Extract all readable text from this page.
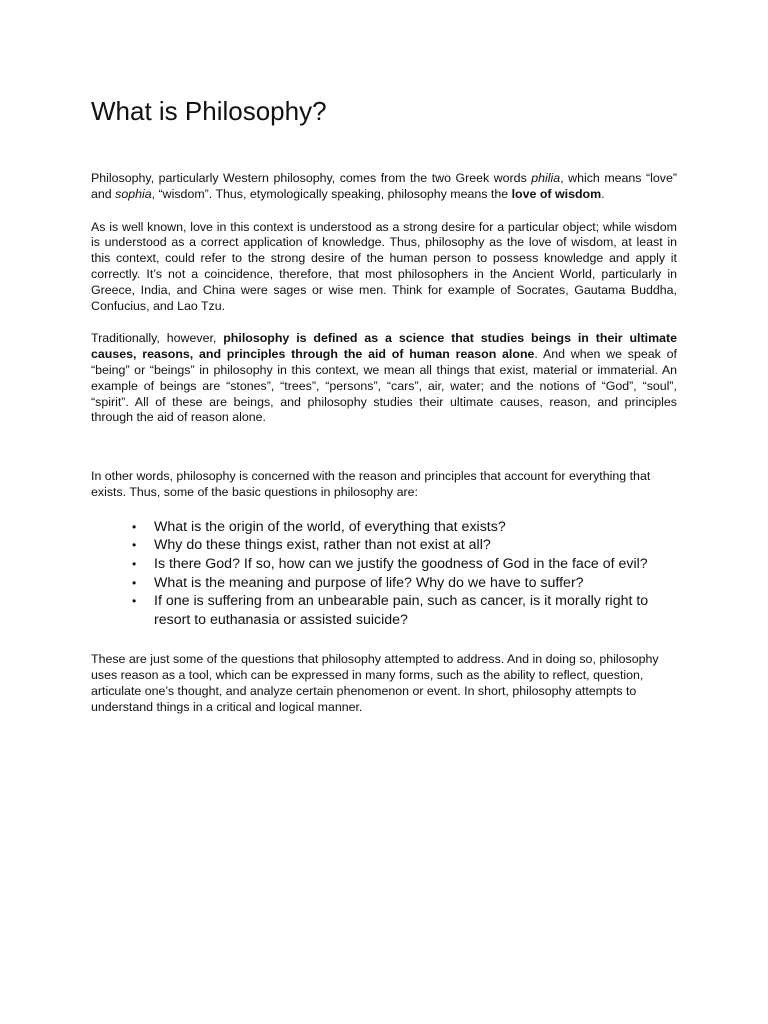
What is Philosophy?

Philosophy, particularly Western philosophy, comes from the two Greek words philia, which means “love” and sophia, “wisdom”. Thus, etymologically speaking, philosophy means the love of wisdom.

As is well known, love in this context is understood as a strong desire for a particular object; while wisdom is understood as a correct application of knowledge. Thus, philosophy as the love of wisdom, at least in this context, could refer to the strong desire of the human person to possess knowledge and apply it correctly. It’s not a coincidence, therefore, that most philosophers in the Ancient World, particularly in Greece, India, and China were sages or wise men. Think for example of Socrates, Gautama Buddha, Confucius, and Lao Tzu.

Traditionally, however, philosophy is defined as a science that studies beings in their ultimate causes, reasons, and principles through the aid of human reason alone. And when we speak of “being” or “beings” in philosophy in this context, we mean all things that exist, material or immaterial. An example of beings are “stones”, “trees”, “persons”, “cars”, air, water; and the notions of “God”, “soul”, “spirit”. All of these are beings, and philosophy studies their ultimate causes, reason, and principles through the aid of reason alone.

In other words, philosophy is concerned with the reason and principles that account for everything that exists. Thus, some of the basic questions in philosophy are:

• What is the origin of the world, of everything that exists?
• Why do these things exist, rather than not exist at all?
• Is there God? If so, how can we justify the goodness of God in the face of evil?
• What is the meaning and purpose of life? Why do we have to suffer?
• If one is suffering from an unbearable pain, such as cancer, is it morally right to resort to euthanasia or assisted suicide?

These are just some of the questions that philosophy attempted to address. And in doing so, philosophy uses reason as a tool, which can be expressed in many forms, such as the ability to reflect, question, articulate one’s thought, and analyze certain phenomenon or event. In short, philosophy attempts to understand things in a critical and logical manner.
